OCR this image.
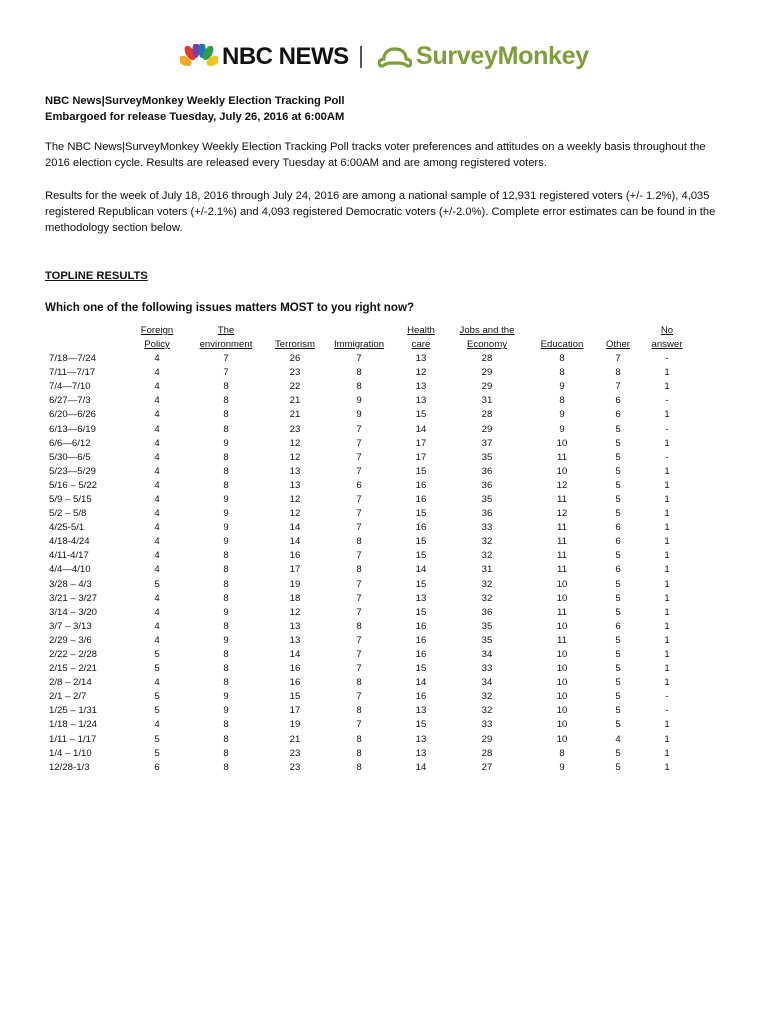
NBC NEWS	SurveyMonkey
NBC News|SurveyMonkey Weekly Election Tracking Poll
Embargoed for release Tuesday, July 26, 2016 at 6:00AM
The NBC News|SurveyMonkey Weekly Election Tracking Poll tracks voter preferences and attitudes on a weekly basis throughout the 2016 election cycle. Results are released every Tuesday at 6:00AM and are among registered voters.
Results for the week of July 18, 2016 through July 24, 2016 are among a national sample of 12,931 registered voters (+/- 1.2%), 4,035 registered Republican voters (+/-2.1%) and 4,093 registered Democratic voters (+/-2.0%). Complete error estimates can be found in the methodology section below.
TOPLINE RESULTS
Which one of the following issues matters MOST to you right now?
	Foreign	The			Health	Jobs and the			No
	Policy	environment	Terrorism	Immigration	care	Economy	Education	Other	answer
7/18—7/24	4	7	26	7	13	28	8	7	-
7/11—7/17	4	7	23	8	12	29	8	8	1
7/4—7/10	4	8	22	8	13	29	9	7	1
6/27—7/3	4	8	21	9	13	31	8	6	-
6/20—6/26	4	8	21	9	15	28	9	6	1
6/13—6/19	4	8	23	7	14	29	9	5	-
6/6—6/12	4	9	12	7	17	37	10	5	1
5/30—6/5	4	8	12	7	17	35	11	5	-
5/23—5/29	4	8	13	7	15	36	10	5	1
5/16 – 5/22	4	8	13	6	16	36	12	5	1
5/9 – 5/15	4	9	12	7	16	35	11	5	1
5/2 – 5/8	4	9	12	7	15	36	12	5	1
4/25-5/1	4	9	14	7	16	33	11	6	1
4/18-4/24	4	9	14	8	15	32	11	6	1
4/11-4/17	4	8	16	7	15	32	11	5	1
4/4—4/10	4	8	17	8	14	31	11	6	1
3/28 – 4/3	5	8	19	7	15	32	10	5	1
3/21 – 3/27	4	8	18	7	13	32	10	5	1
3/14 – 3/20	4	9	12	7	15	36	11	5	1
3/7 – 3/13	4	8	13	8	16	35	10	6	1
2/29 – 3/6	4	9	13	7	16	35	11	5	1
2/22 – 2/28	5	8	14	7	16	34	10	5	1
2/15 – 2/21	5	8	16	7	15	33	10	5	1
2/8 – 2/14	4	8	16	8	14	34	10	5	1
2/1 – 2/7	5	9	15	7	16	32	10	5	-
1/25 – 1/31	5	9	17	8	13	32	10	5	-
1/18 – 1/24	4	8	19	7	15	33	10	5	1
1/11 – 1/17	5	8	21	8	13	29	10	4	1
1/4 – 1/10	5	8	23	8	13	28	8	5	1
12/28-1/3	6	8	23	8	14	27	9	5	1
